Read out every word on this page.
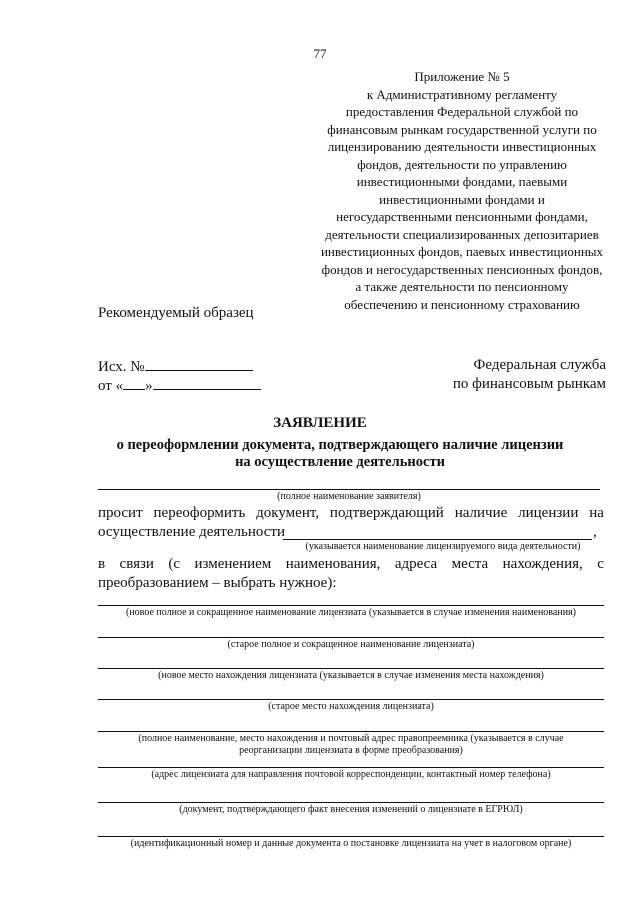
77
Приложение № 5
к Административному регламенту
предоставления Федеральной службой по
финансовым рынкам государственной услуги по
лицензированию деятельности инвестиционных
фондов, деятельности по управлению
инвестиционными фондами, паевыми
инвестиционными фондами и
негосударственными пенсионными фондами,
деятельности специализированных депозитариев
инвестиционных фондов, паевых инвестиционных
фондов и негосударственных пенсионных фондов,
а также деятельности по пенсионному
обеспечению и пенсионному страхованию
Рекомендуемый образец
Исх. №
от « »
Федеральная служба
по финансовым рынкам
ЗАЯВЛЕНИЕ
о переоформлении документа, подтверждающего наличие лицензии
на осуществление деятельности
(полное наименование заявителя)
просит переоформить документ, подтверждающий наличие лицензии на
осуществление деятельности	,
(указывается наименование лицензируемого вида деятельности)
в связи (с изменением наименования, адреса места нахождения, с
преобразованием – выбрать нужное):
(новое полное и сокращенное наименование лицензиата (указывается в случае изменения наименования)
(старое полное и сокращенное наименование лицензиата)
(новое место нахождения лицензиата (указывается в случае изменения места нахождения)
(старое место нахождения лицензиата)
(полное наименование, место нахождения и почтовый адрес правопреемника (указывается в случае
реорганизации лицензиата в форме преобразования)
(адрес лицензиата для направления почтовой корреспонденции, контактный номер телефона)
(документ, подтверждающего факт внесения изменений о лицензиате в ЕГРЮЛ)
(идентификационный номер и данные документа о постановке лицензиата на учет в налоговом органе)
